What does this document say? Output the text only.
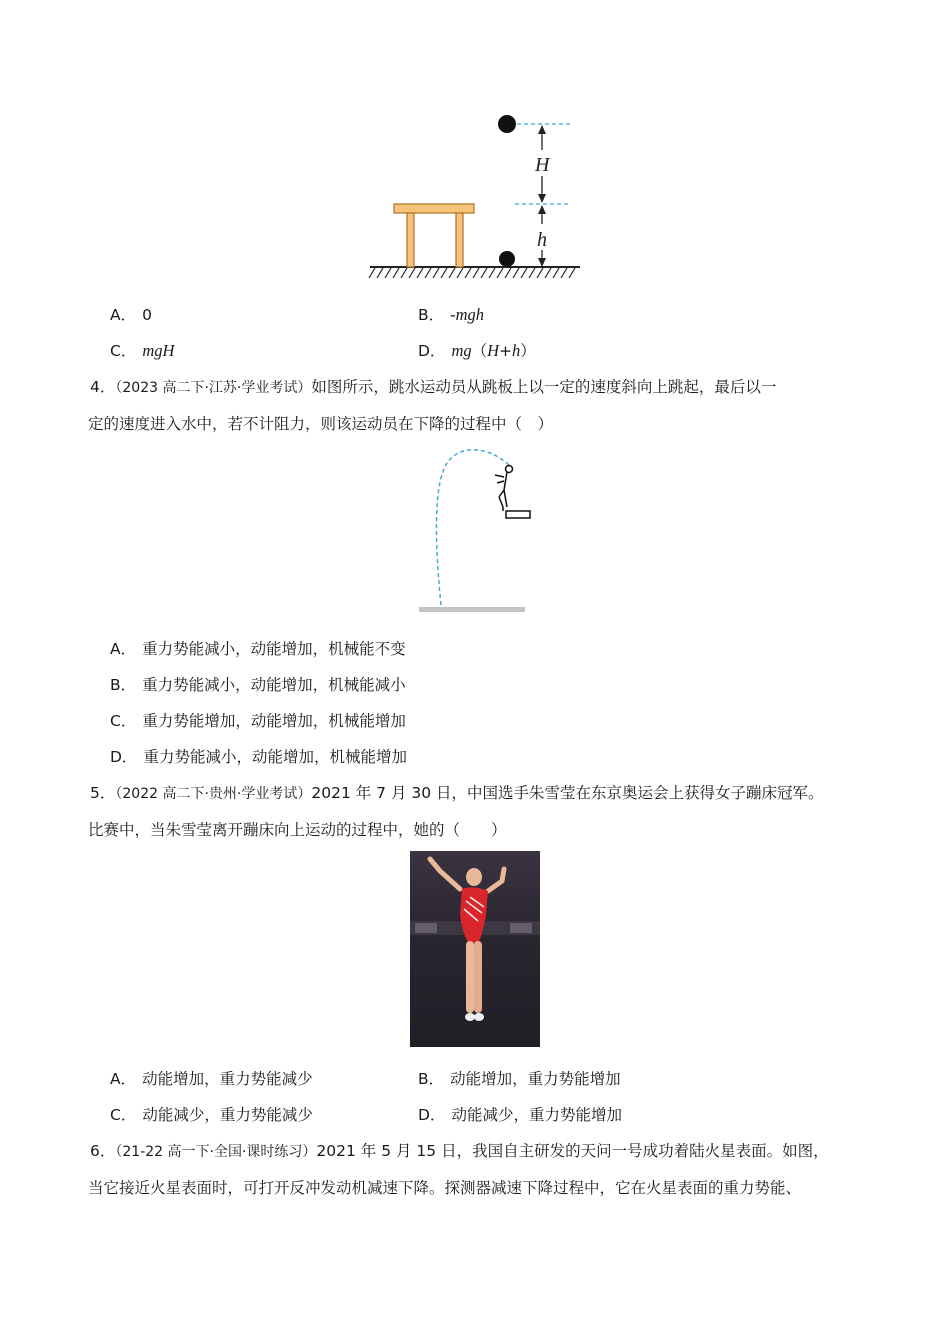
H
h
A． 0	B． -mgh
C． mgH	D． mg（H+h）
4．（2023 高二下·江苏·学业考试）如图所示，跳水运动员从跳板上以一定的速度斜向上跳起，最后以一
定的速度进入水中，若不计阻力，则该运动员在下降的过程中（　）
A． 重力势能减小，动能增加，机械能不变
B． 重力势能减小，动能增加，机械能减小
C． 重力势能增加，动能增加，机械能增加
D． 重力势能减小，动能增加，机械能增加
5．（2022 高二下·贵州·学业考试）2021 年 7 月 30 日，中国选手朱雪莹在东京奥运会上获得女子蹦床冠军。
比赛中，当朱雪莹离开蹦床向上运动的过程中，她的（　　）
A． 动能增加，重力势能减少	B． 动能增加，重力势能增加
C． 动能减少，重力势能减少	D． 动能减少，重力势能增加
6．（21-22 高一下·全国·课时练习）2021 年 5 月 15 日，我国自主研发的天问一号成功着陆火星表面。如图，
当它接近火星表面时，可打开反冲发动机减速下降。探测器减速下降过程中，它在火星表面的重力势能、
